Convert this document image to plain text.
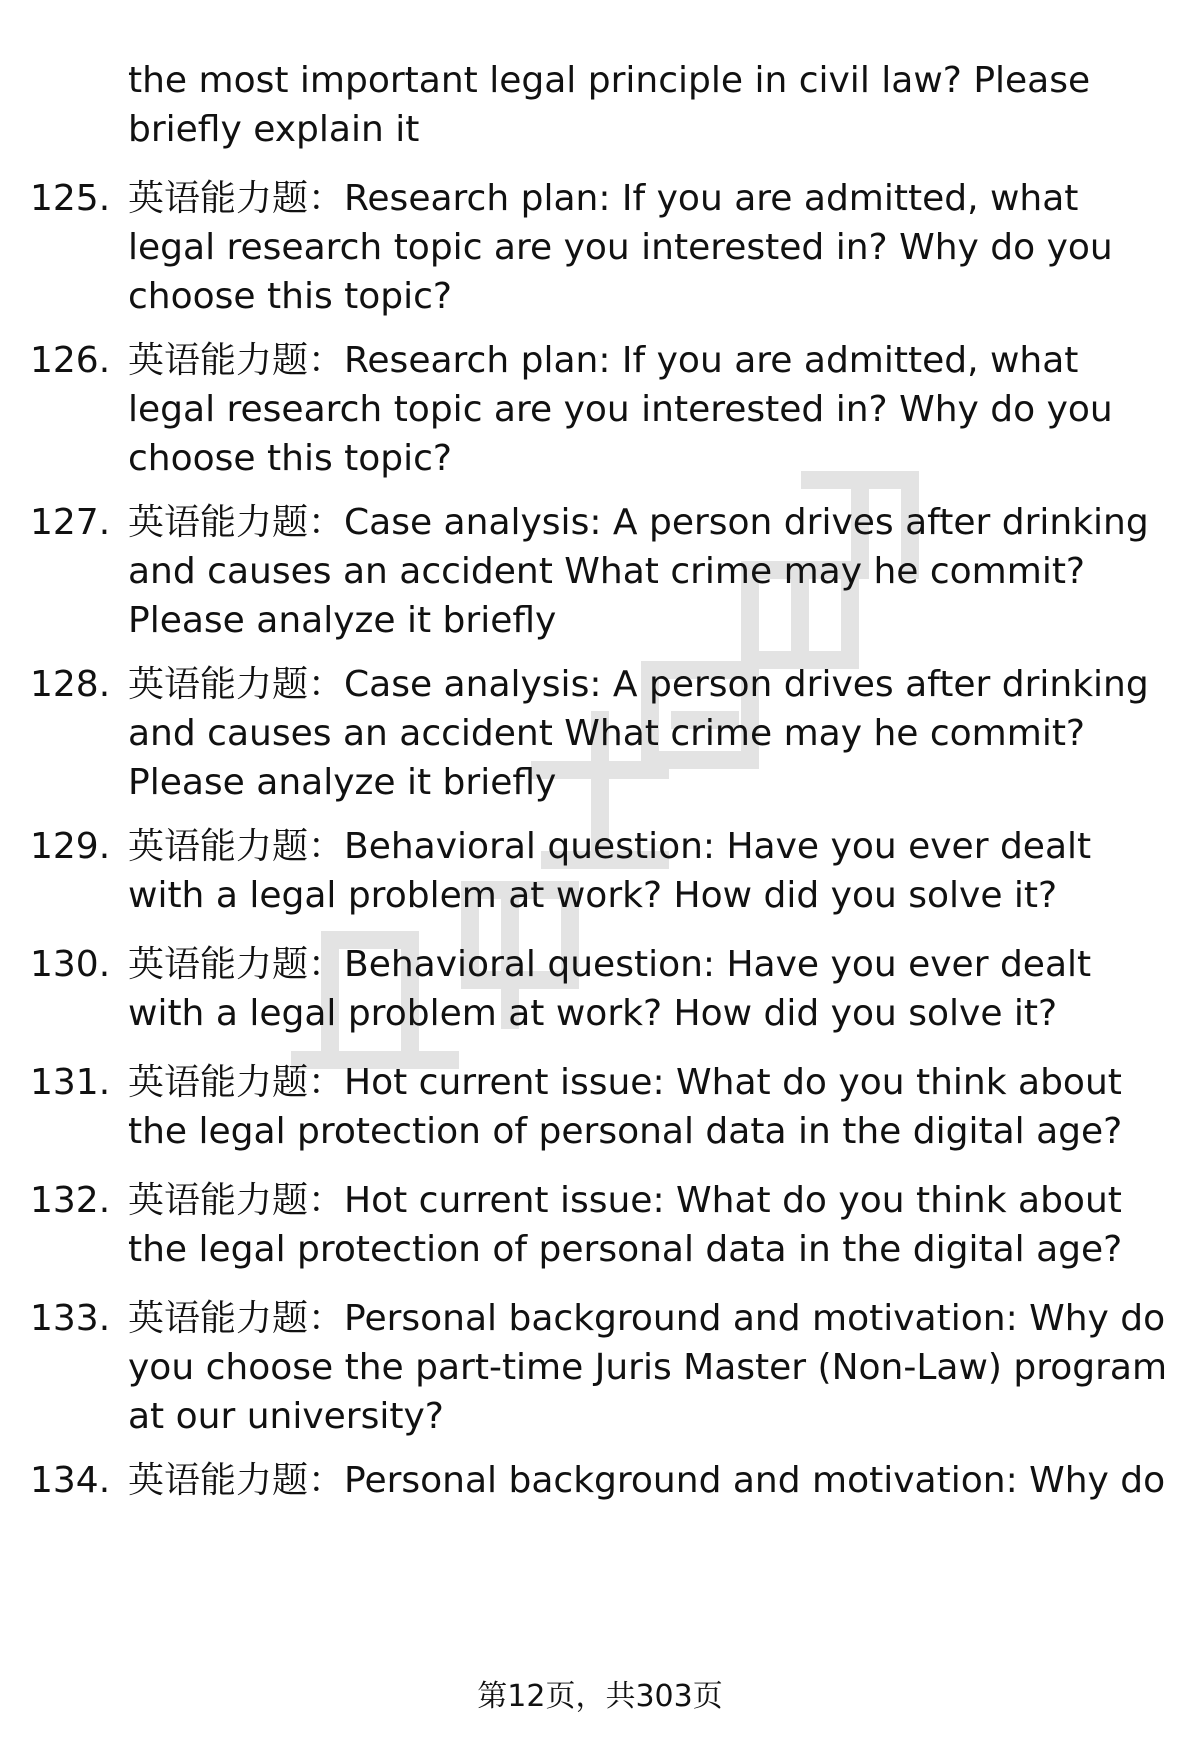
the most important legal principle in civil law? Please briefly explain it
125. 英语能力题：Research plan: If you are admitted, what legal research topic are you interested in? Why do you choose this topic?
126. 英语能力题：Research plan: If you are admitted, what legal research topic are you interested in? Why do you choose this topic?
127. 英语能力题：Case analysis: A person drives after drinking and causes an accident What crime may he commit? Please analyze it briefly
128. 英语能力题：Case analysis: A person drives after drinking and causes an accident What crime may he commit? Please analyze it briefly
129. 英语能力题：Behavioral question: Have you ever dealt with a legal problem at work? How did you solve it?
130. 英语能力题：Behavioral question: Have you ever dealt with a legal problem at work? How did you solve it?
131. 英语能力题：Hot current issue: What do you think about the legal protection of personal data in the digital age?
132. 英语能力题：Hot current issue: What do you think about the legal protection of personal data in the digital age?
133. 英语能力题：Personal background and motivation: Why do you choose the part-time Juris Master (Non-Law) program at our university?
134. 英语能力题：Personal background and motivation: Why do
第12页，共303页
